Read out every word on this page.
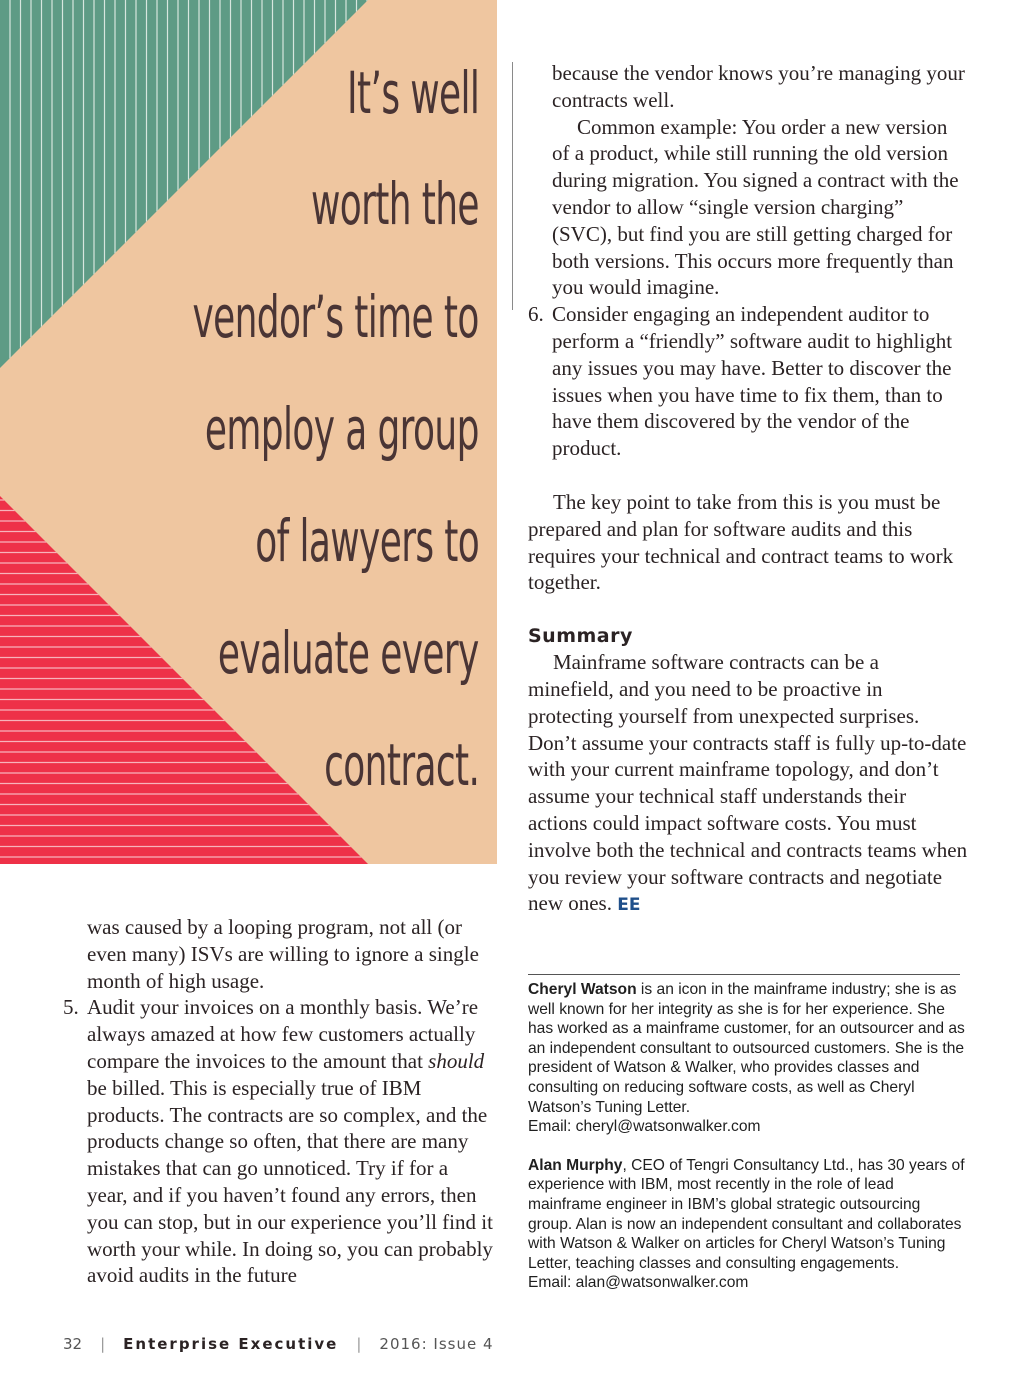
It’s well

worth the

vendor’s time to

employ a group

of lawyers to

evaluate every

contract.

was caused by a looping program, not all (or even many) ISVs are willing to ignore a single month of high usage.

5. Audit your invoices on a monthly basis. We’re always amazed at how few customers actually compare the invoices to the amount that should be billed. This is especially true of IBM products. The contracts are so complex, and the products change so often, that there are many mistakes that can go unnoticed. Try if for a year, and if you haven’t found any errors, then you can stop, but in our experience you’ll find it worth your while. In doing so, you can probably avoid audits in the future

because the vendor knows you’re managing your contracts well.

Common example: You order a new version of a product, while still running the old version during migration. You signed a contract with the vendor to allow “single version charging” (SVC), but find you are still getting charged for both versions. This occurs more frequently than you would imagine.

6. Consider engaging an independent auditor to perform a “friendly” software audit to highlight any issues you may have. Better to discover the issues when you have time to fix them, than to have them discovered by the vendor of the product.

The key point to take from this is you must be prepared and plan for software audits and this requires your technical and contract teams to work together.

Summary

Mainframe software contracts can be a minefield, and you need to be proactive in protecting yourself from unexpected surprises. Don’t assume your contracts staff is fully up-to-date with your current mainframe topology, and don’t assume your technical staff understands their actions could impact software costs. You must involve both the technical and contracts teams when you review your software contracts and negotiate new ones. EE

Cheryl Watson is an icon in the mainframe industry; she is as well known for her integrity as she is for her experience. She has worked as a mainframe customer, for an outsourcer and as an independent consultant to outsourced customers. She is the president of Watson & Walker, who provides classes and consulting on reducing software costs, as well as Cheryl Watson’s Tuning Letter.
Email: cheryl@watsonwalker.com

Alan Murphy, CEO of Tengri Consultancy Ltd., has 30 years of experience with IBM, most recently in the role of lead mainframe engineer in IBM’s global strategic outsourcing group. Alan is now an independent consultant and collaborates with Watson & Walker on articles for Cheryl Watson’s Tuning Letter, teaching classes and consulting engagements.
Email: alan@watsonwalker.com

32 | Enterprise Executive | 2016: Issue 4
